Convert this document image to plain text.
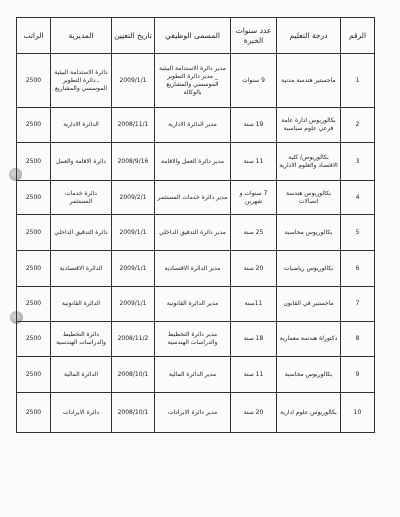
الرقم	درجة التعليم	عدد سنوات الخبرة	المسمى الوظيفي	تاريخ التعيين	المديرية	الراتب
1	ماجستير هندسة مدنية	9 سنوات	مدير دائرة الاستدامة البيئية _ مدير دائرة التطوير الموسسي والمشاريع بالوكالة	2009/1/1	دائرة الاستدامة البيئية ـ دائرة التطوير الموسسي والمشاريع	2500
2	بكالوريوس ادارة عامة فرعي علوم سياسية	19 سنة	مدير الدائرة الادارية	2008/11/1	الدائرة الادارية	2500
3	بكالوريوس/ كلية الاقتصاد والعلوم الادارية	11 سنة	مدير دائرة العمل والاقامة	2008/9/16	دائرة الاقامة والعمل	2500
4	بكالوريوس هندسة اتصالات	7 سنوات و شهرين	مدير دائرة خدمات المستثمر	2009/2/1	دائرة خدمات المستثمر	2500
5	بكالوريوس محاسبة	25 سنة	مدير دائرة التدقيق الداخلي	2009/1/1	دائرة التدقيق الداخلي	2500
6	بكالوريوس رياضيات	20 سنة	مدير الدائرة الاقتصادية	2009/1/1	الدائرة الاقتصادية	2500
7	ماجستير في القانون	11سنة	مدير الدائرة القانونية	2009/1/1	الدائرة القانونية	2500
8	دكتوراة هندسة معمارية	18 سنة	مدير دائرة التخطيط والدراسات الهندسية	2008/11/2	دائرة التخطيط والدراسات الهندسية	2500
9	بكالوريوس محاسبة	11 سنة	مدير الدائرة المالية	2008/10/1	الدائرة المالية	2500
10	بكالوريوس علوم ادارية	20 سنة	مدير دائرة الايرادات	2008/10/1	دائرة الايرادات	2500
